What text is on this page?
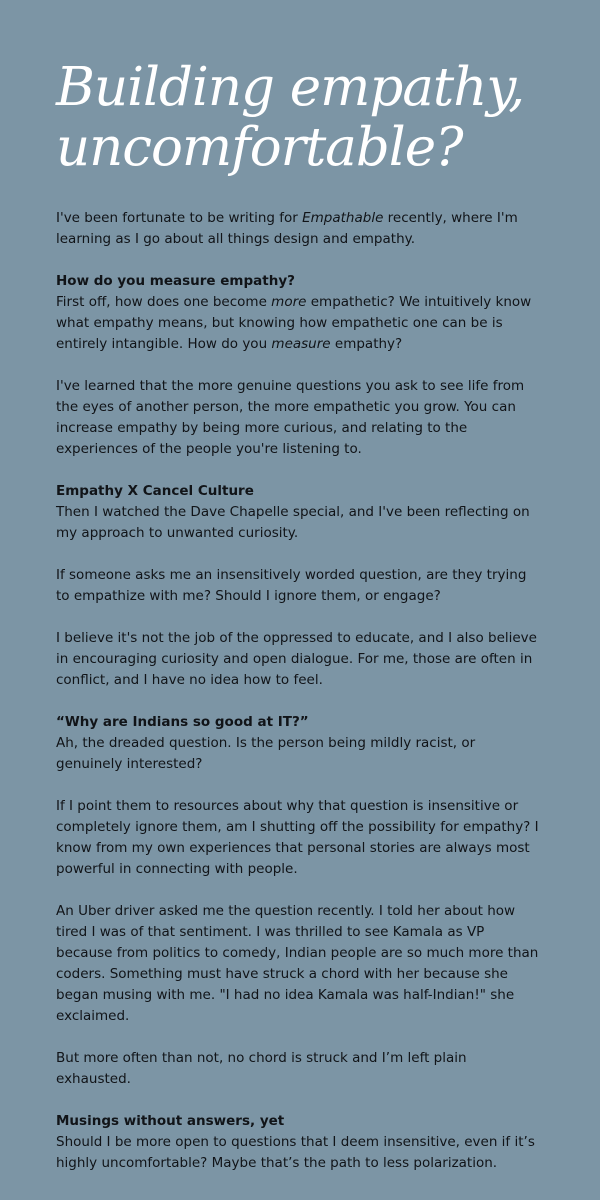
Building empathy,
uncomfortable?

I've been fortunate to be writing for Empathable recently, where I'm learning as I go about all things design and empathy.

How do you measure empathy?

First off, how does one become more empathetic? We intuitively know what empathy means, but knowing how empathetic one can be is entirely intangible. How do you measure empathy?

I've learned that the more genuine questions you ask to see life from the eyes of another person, the more empathetic you grow. You can increase empathy by being more curious, and relating to the experiences of the people you're listening to.

Empathy X Cancel Culture

Then I watched the Dave Chapelle special, and I've been reflecting on my approach to unwanted curiosity.

If someone asks me an insensitively worded question, are they trying to empathize with me? Should I ignore them, or engage?

I believe it's not the job of the oppressed to educate, and I also believe in encouraging curiosity and open dialogue. For me, those are often in conflict, and I have no idea how to feel.

“Why are Indians so good at IT?”

Ah, the dreaded question. Is the person being mildly racist, or genuinely interested?

If I point them to resources about why that question is insensitive or completely ignore them, am I shutting off the possibility for empathy? I know from my own experiences that personal stories are always most powerful in connecting with people.

An Uber driver asked me the question recently. I told her about how tired I was of that sentiment. I was thrilled to see Kamala as VP because from politics to comedy, Indian people are so much more than coders. Something must have struck a chord with her because she began musing with me. "I had no idea Kamala was half-Indian!" she exclaimed.

But more often than not, no chord is struck and I’m left plain exhausted.

Musings without answers, yet

Should I be more open to questions that I deem insensitive, even if it’s highly uncomfortable? Maybe that’s the path to less polarization.
